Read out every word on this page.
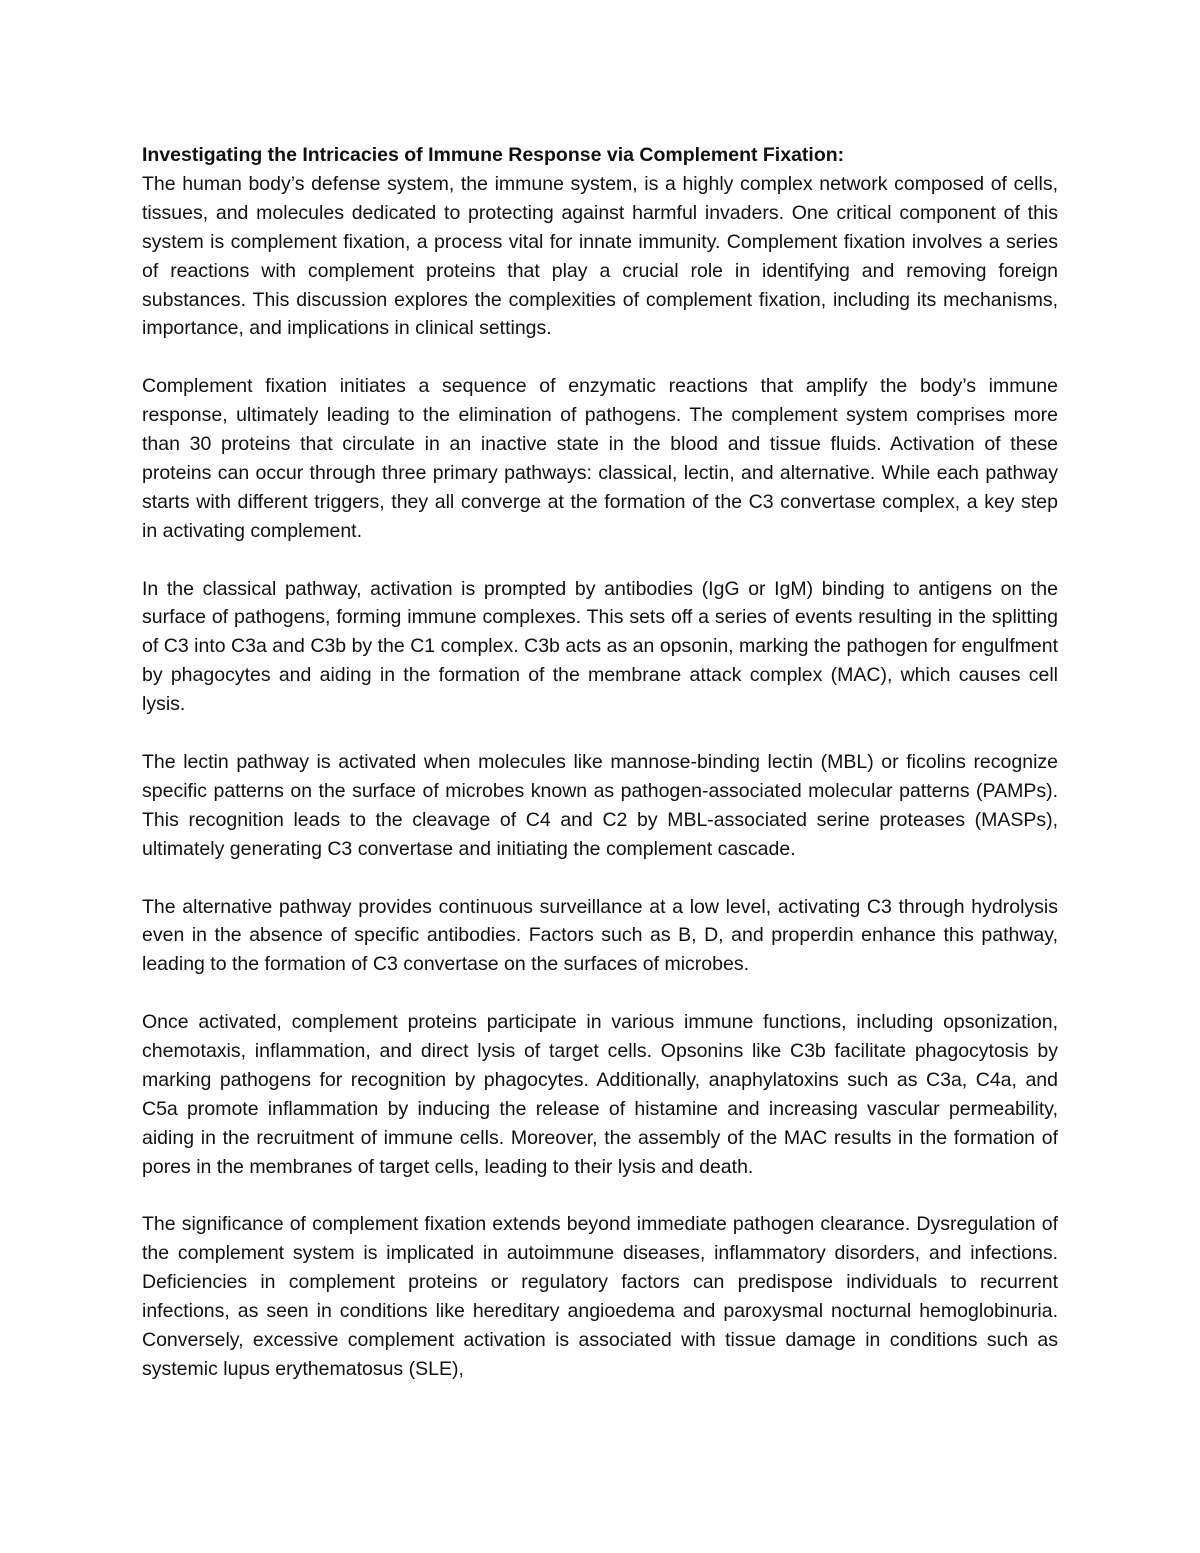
Investigating the Intricacies of Immune Response via Complement Fixation:

The human body’s defense system, the immune system, is a highly complex network composed of cells, tissues, and molecules dedicated to protecting against harmful invaders. One critical component of this system is complement fixation, a process vital for innate immunity. Complement fixation involves a series of reactions with complement proteins that play a crucial role in identifying and removing foreign substances. This discussion explores the complexities of complement fixation, including its mechanisms, importance, and implications in clinical settings.

Complement fixation initiates a sequence of enzymatic reactions that amplify the body’s immune response, ultimately leading to the elimination of pathogens. The complement system comprises more than 30 proteins that circulate in an inactive state in the blood and tissue fluids. Activation of these proteins can occur through three primary pathways: classical, lectin, and alternative. While each pathway starts with different triggers, they all converge at the formation of the C3 convertase complex, a key step in activating complement.

In the classical pathway, activation is prompted by antibodies (IgG or IgM) binding to antigens on the surface of pathogens, forming immune complexes. This sets off a series of events resulting in the splitting of C3 into C3a and C3b by the C1 complex. C3b acts as an opsonin, marking the pathogen for engulfment by phagocytes and aiding in the formation of the membrane attack complex (MAC), which causes cell lysis.

The lectin pathway is activated when molecules like mannose-binding lectin (MBL) or ficolins recognize specific patterns on the surface of microbes known as pathogen-associated molecular patterns (PAMPs). This recognition leads to the cleavage of C4 and C2 by MBL-associated serine proteases (MASPs), ultimately generating C3 convertase and initiating the complement cascade.

The alternative pathway provides continuous surveillance at a low level, activating C3 through hydrolysis even in the absence of specific antibodies. Factors such as B, D, and properdin enhance this pathway, leading to the formation of C3 convertase on the surfaces of microbes.

Once activated, complement proteins participate in various immune functions, including opsonization, chemotaxis, inflammation, and direct lysis of target cells. Opsonins like C3b facilitate phagocytosis by marking pathogens for recognition by phagocytes. Additionally, anaphylatoxins such as C3a, C4a, and C5a promote inflammation by inducing the release of histamine and increasing vascular permeability, aiding in the recruitment of immune cells. Moreover, the assembly of the MAC results in the formation of pores in the membranes of target cells, leading to their lysis and death.

The significance of complement fixation extends beyond immediate pathogen clearance. Dysregulation of the complement system is implicated in autoimmune diseases, inflammatory disorders, and infections. Deficiencies in complement proteins or regulatory factors can predispose individuals to recurrent infections, as seen in conditions like hereditary angioedema and paroxysmal nocturnal hemoglobinuria. Conversely, excessive complement activation is associated with tissue damage in conditions such as systemic lupus erythematosus (SLE),
